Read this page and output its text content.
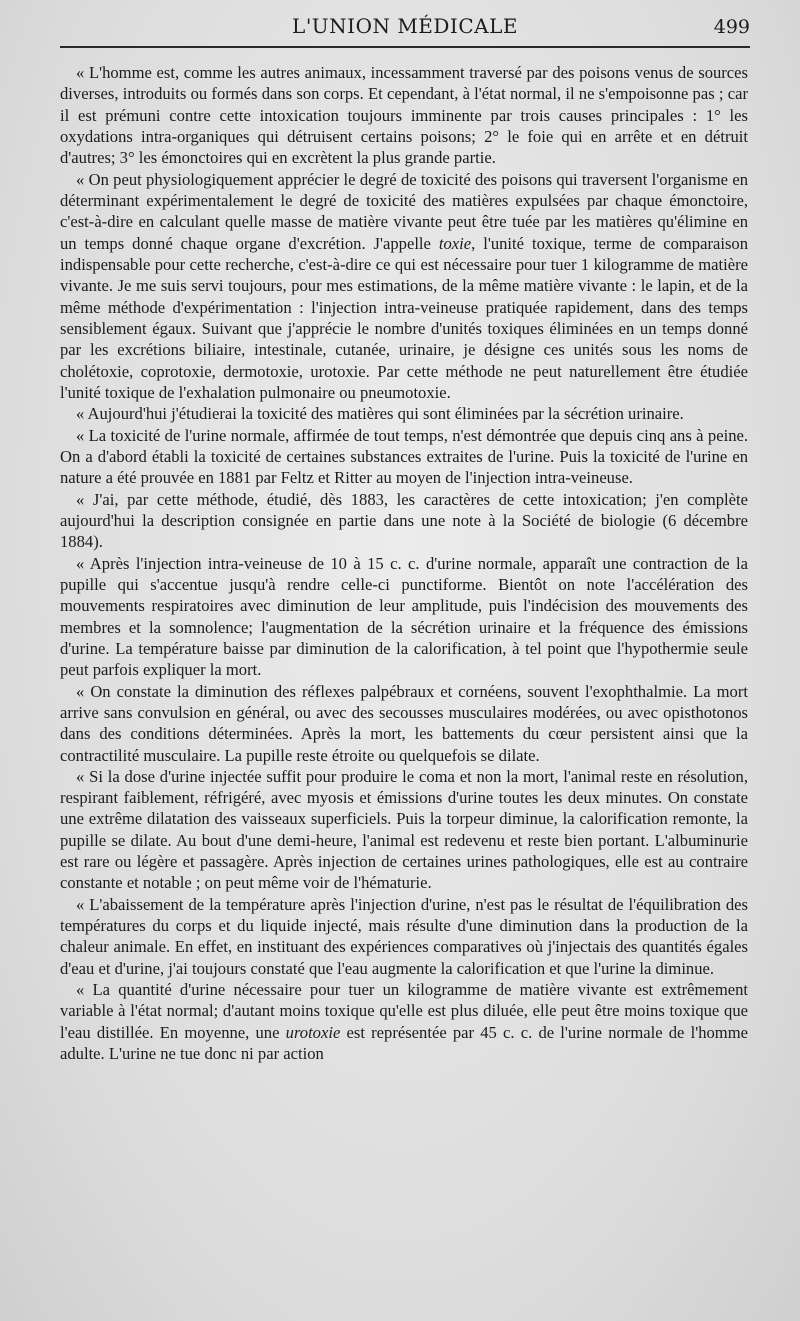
L'UNION MÉDICALE	499

« L'homme est, comme les autres animaux, incessamment traversé par des poisons venus de sources diverses, introduits ou formés dans son corps. Et cependant, à l'état normal, il ne s'empoisonne pas ; car il est prémuni contre cette intoxication toujours imminente par trois causes principales : 1° les oxydations intra-organiques qui détruisent certains poisons; 2° le foie qui en arrête et en détruit d'autres; 3° les émonctoires qui en excrètent la plus grande partie.

« On peut physiologiquement apprécier le degré de toxicité des poisons qui traversent l'organisme en déterminant expérimentalement le degré de toxicité des matières expulsées par chaque émonctoire, c'est-à-dire en calculant quelle masse de matière vivante peut être tuée par les matières qu'élimine en un temps donné chaque organe d'excrétion. J'appelle toxie, l'unité toxique, terme de comparaison indispensable pour cette recherche, c'est-à-dire ce qui est nécessaire pour tuer 1 kilogramme de matière vivante. Je me suis servi toujours, pour mes estimations, de la même matière vivante : le lapin, et de la même méthode d'expérimentation : l'injection intra-veineuse pratiquée rapidement, dans des temps sensiblement égaux. Suivant que j'apprécie le nombre d'unités toxiques éliminées en un temps donné par les excrétions biliaire, intestinale, cutanée, urinaire, je désigne ces unités sous les noms de cholétoxie, coprotoxie, dermotoxie, urotoxie. Par cette méthode ne peut naturellement être étudiée l'unité toxique de l'exhalation pulmonaire ou pneumotoxie.

« Aujourd'hui j'étudierai la toxicité des matières qui sont éliminées par la sécrétion urinaire.

« La toxicité de l'urine normale, affirmée de tout temps, n'est démontrée que depuis cinq ans à peine. On a d'abord établi la toxicité de certaines substances extraites de l'urine. Puis la toxicité de l'urine en nature a été prouvée en 1881 par Feltz et Ritter au moyen de l'injection intra-veineuse.

« J'ai, par cette méthode, étudié, dès 1883, les caractères de cette intoxication; j'en complète aujourd'hui la description consignée en partie dans une note à la Société de biologie (6 décembre 1884).

« Après l'injection intra-veineuse de 10 à 15 c. c. d'urine normale, apparaît une contraction de la pupille qui s'accentue jusqu'à rendre celle-ci punctiforme. Bientôt on note l'accélération des mouvements respiratoires avec diminution de leur amplitude, puis l'indécision des mouvements des membres et la somnolence; l'augmentation de la sécrétion urinaire et la fréquence des émissions d'urine. La température baisse par diminution de la calorification, à tel point que l'hypothermie seule peut parfois expliquer la mort.

« On constate la diminution des réflexes palpébraux et cornéens, souvent l'exophthalmie. La mort arrive sans convulsion en général, ou avec des secousses musculaires modérées, ou avec opisthotonos dans des conditions déterminées. Après la mort, les battements du cœur persistent ainsi que la contractilité musculaire. La pupille reste étroite ou quelquefois se dilate.

« Si la dose d'urine injectée suffit pour produire le coma et non la mort, l'animal reste en résolution, respirant faiblement, réfrigéré, avec myosis et émissions d'urine toutes les deux minutes. On constate une extrême dilatation des vaisseaux superficiels. Puis la torpeur diminue, la calorification remonte, la pupille se dilate. Au bout d'une demi-heure, l'animal est redevenu et reste bien portant. L'albuminurie est rare ou légère et passagère. Après injection de certaines urines pathologiques, elle est au contraire constante et notable ; on peut même voir de l'hématurie.

« L'abaissement de la température après l'injection d'urine, n'est pas le résultat de l'équilibration des températures du corps et du liquide injecté, mais résulte d'une diminution dans la production de la chaleur animale. En effet, en instituant des expériences comparatives où j'injectais des quantités égales d'eau et d'urine, j'ai toujours constaté que l'eau augmente la calorification et que l'urine la diminue.

« La quantité d'urine nécessaire pour tuer un kilogramme de matière vivante est extrêmement variable à l'état normal; d'autant moins toxique qu'elle est plus diluée, elle peut être moins toxique que l'eau distillée. En moyenne, une urotoxie est représentée par 45 c. c. de l'urine normale de l'homme adulte. L'urine ne tue donc ni par action
